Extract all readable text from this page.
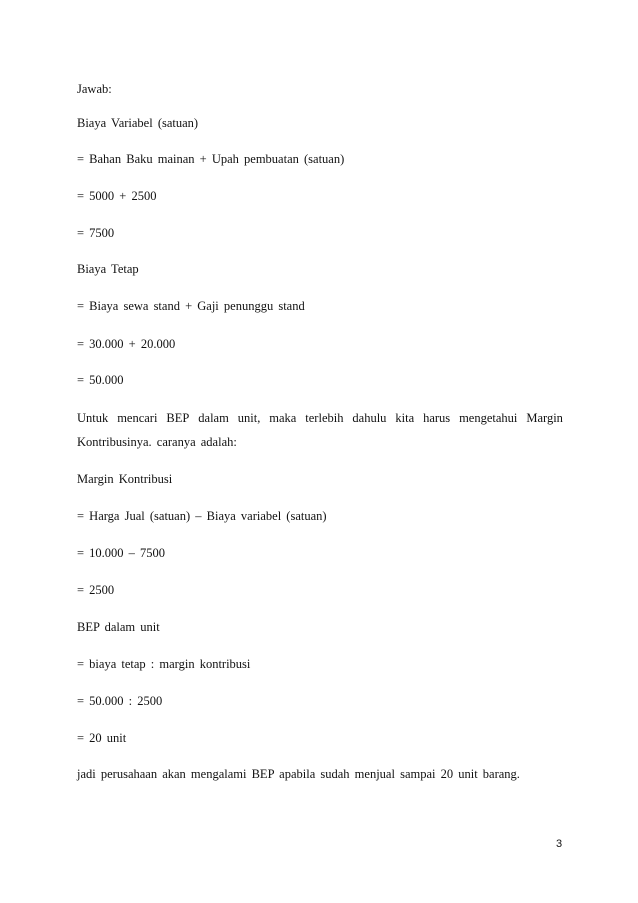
Jawab:
Biaya Variabel (satuan)
= Bahan Baku mainan + Upah pembuatan (satuan)
= 5000 + 2500
= 7500
Biaya Tetap
= Biaya sewa stand + Gaji penunggu stand
= 30.000 + 20.000
= 50.000
Untuk mencari BEP dalam unit, maka terlebih dahulu kita harus mengetahui Margin
Kontribusinya. caranya adalah:
Margin Kontribusi
= Harga Jual (satuan) – Biaya variabel (satuan)
= 10.000 – 7500
= 2500
BEP dalam unit
= biaya tetap : margin kontribusi
= 50.000 : 2500
= 20 unit
jadi perusahaan akan mengalami BEP apabila sudah menjual sampai 20 unit barang.
3
